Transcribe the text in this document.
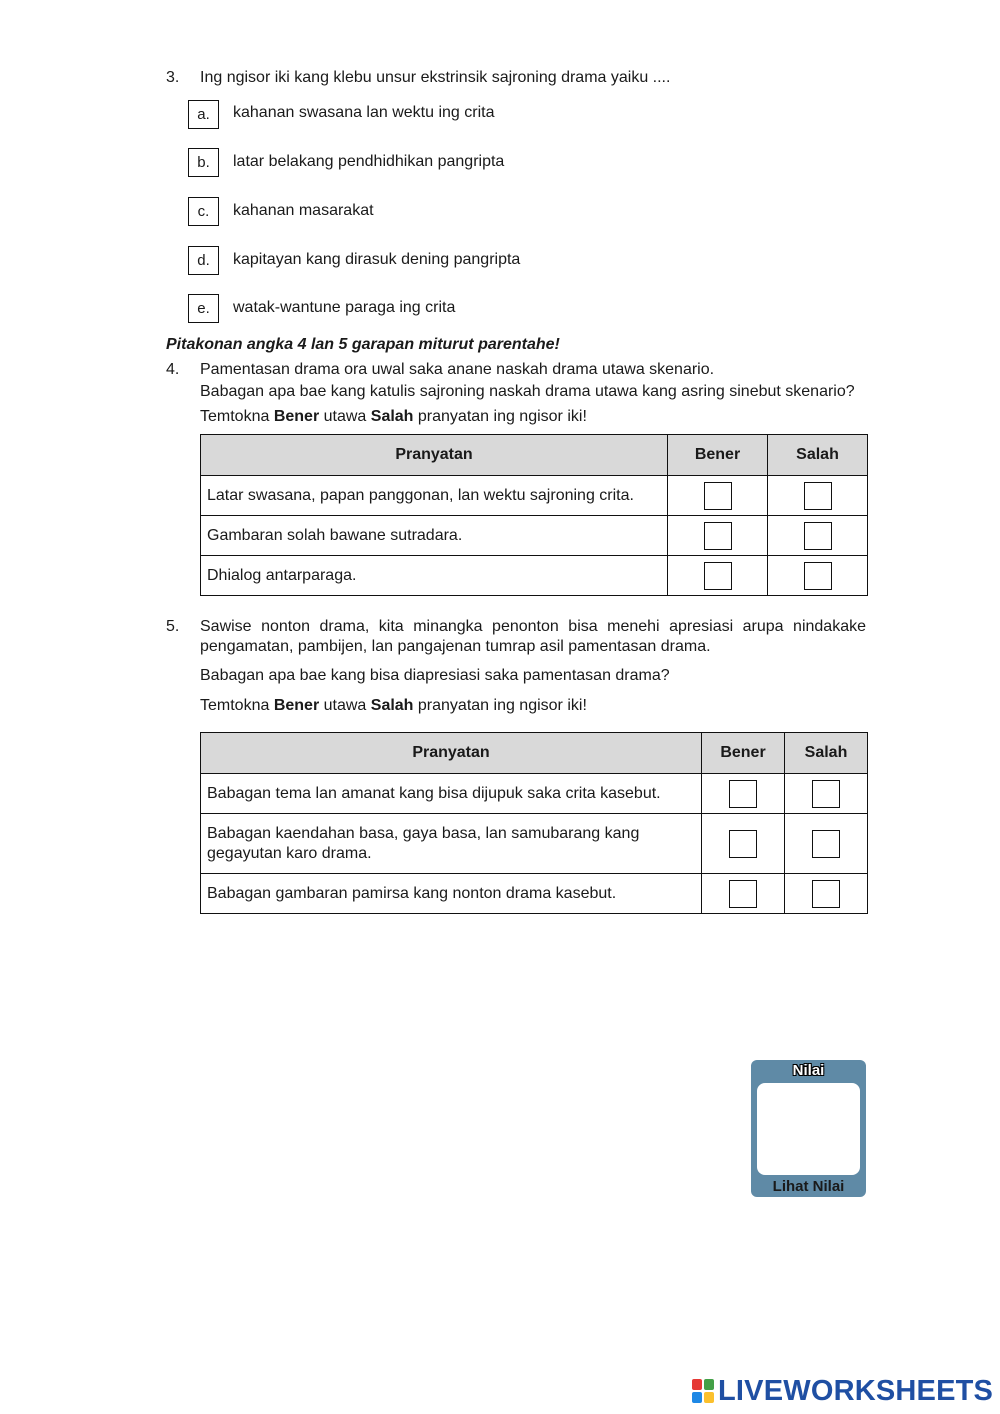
3. Ing ngisor iki kang klebu unsur ekstrinsik sajroning drama yaiku ....
a.	kahanan swasana lan wektu ing crita
b.	latar belakang pendhidhikan pangripta
c.	kahanan masarakat
d.	kapitayan kang dirasuk dening pangripta
e.	watak-wantune paraga ing crita
Pitakonan angka 4 lan 5 garapan miturut parentahe!
4. Pamentasan drama ora uwal saka anane naskah drama utawa skenario.
Babagan apa bae kang katulis sajroning naskah drama utawa kang asring sinebut skenario?
Temtokna Bener utawa Salah pranyatan ing ngisor iki!
Pranyatan	Bener	Salah
Latar swasana, papan panggonan, lan wektu sajroning crita.		
Gambaran solah bawane sutradara.		
Dhialog antarparaga.		
5. Sawise nonton drama, kita minangka penonton bisa menehi apresiasi arupa nindakake pengamatan, pambijen, lan pangajenan tumrap asil pamentasan drama.
Babagan apa bae kang bisa diapresiasi saka pamentasan drama?
Temtokna Bener utawa Salah pranyatan ing ngisor iki!
Pranyatan	Bener	Salah
Babagan tema lan amanat kang bisa dijupuk saka crita kasebut.		
Babagan kaendahan basa, gaya basa, lan samubarang kang gegayutan karo drama.		
Babagan gambaran pamirsa kang nonton drama kasebut.		
Nilai
Lihat Nilai
LIVEWORKSHEETS
